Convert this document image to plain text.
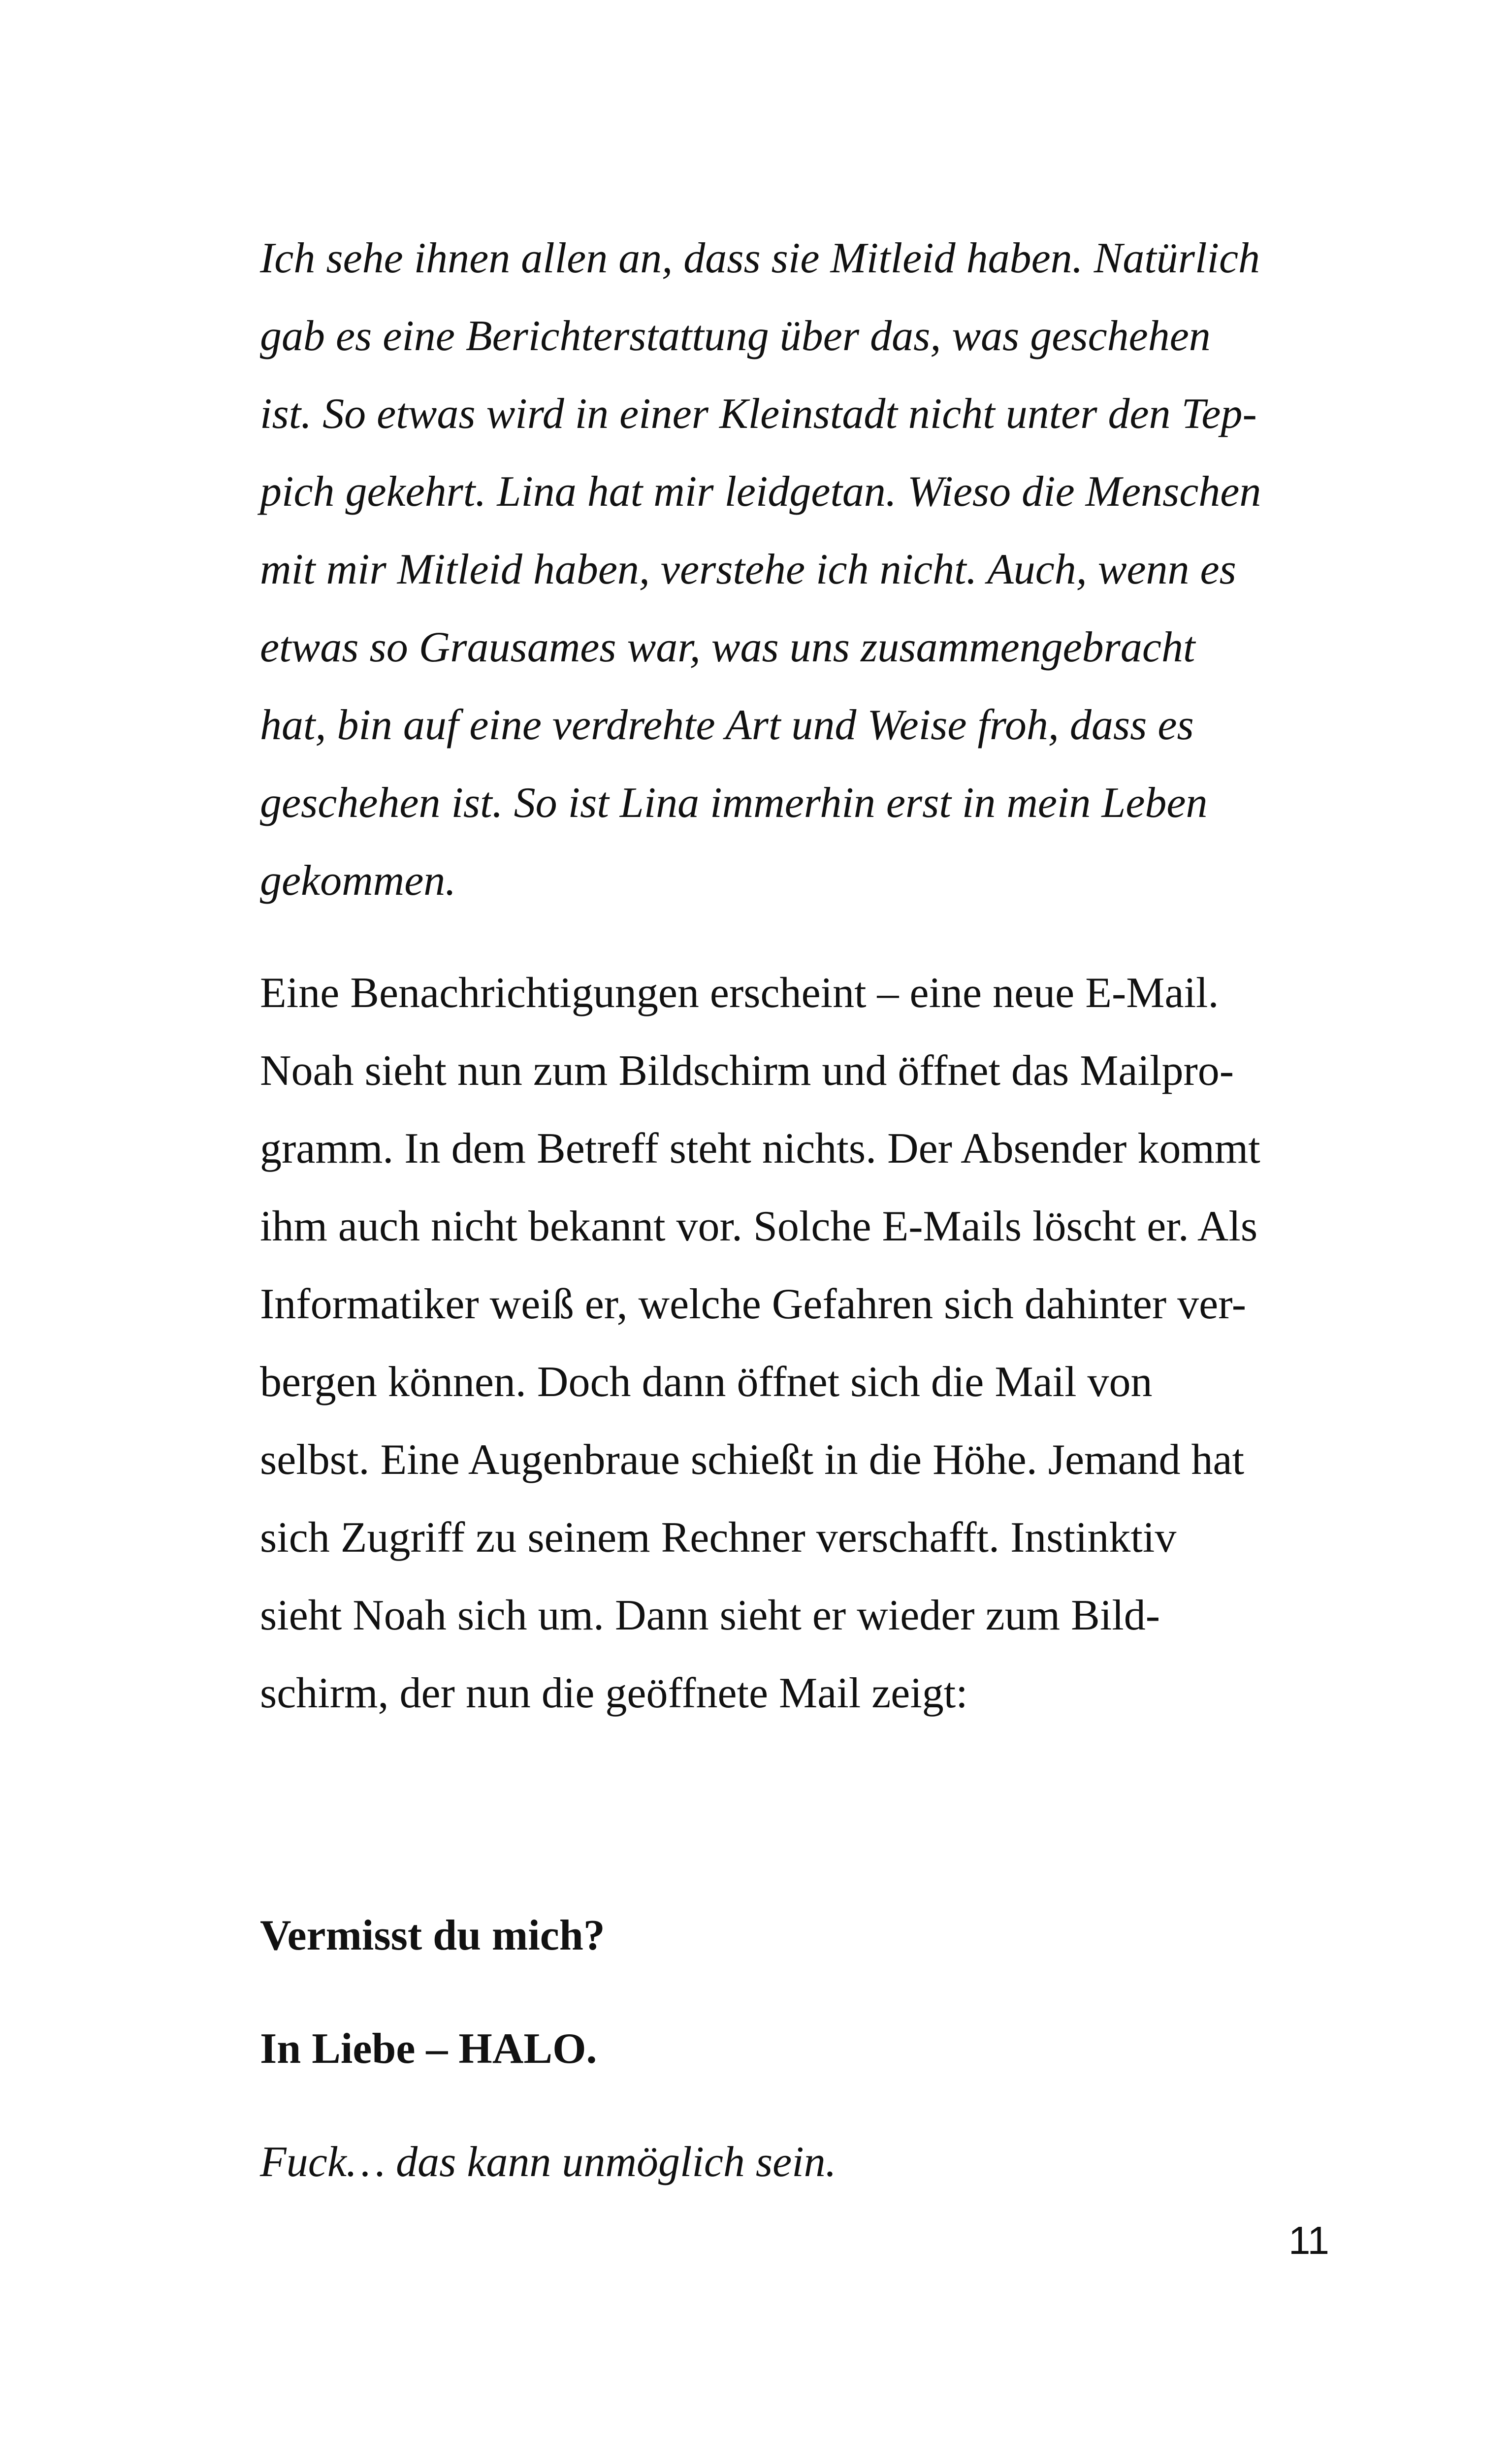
Ich sehe ihnen allen an, dass sie Mitleid haben. Natürlich
gab es eine Berichterstattung über das, was geschehen
ist. So etwas wird in einer Kleinstadt nicht unter den Tep-
pich gekehrt. Lina hat mir leidgetan. Wieso die Menschen
mit mir Mitleid haben, verstehe ich nicht. Auch, wenn es
etwas so Grausames war, was uns zusammengebracht
hat, bin auf eine verdrehte Art und Weise froh, dass es
geschehen ist. So ist Lina immerhin erst in mein Leben
gekommen.
Eine Benachrichtigungen erscheint – eine neue E-Mail.
Noah sieht nun zum Bildschirm und öffnet das Mailpro-
gramm. In dem Betreff steht nichts. Der Absender kommt
ihm auch nicht bekannt vor. Solche E-Mails löscht er. Als
Informatiker weiß er, welche Gefahren sich dahinter ver-
bergen können. Doch dann öffnet sich die Mail von
selbst. Eine Augenbraue schießt in die Höhe. Jemand hat
sich Zugriff zu seinem Rechner verschafft. Instinktiv
sieht Noah sich um. Dann sieht er wieder zum Bild-
schirm, der nun die geöffnete Mail zeigt:
Vermisst du mich?
In Liebe – HALO.
Fuck… das kann unmöglich sein.
11
